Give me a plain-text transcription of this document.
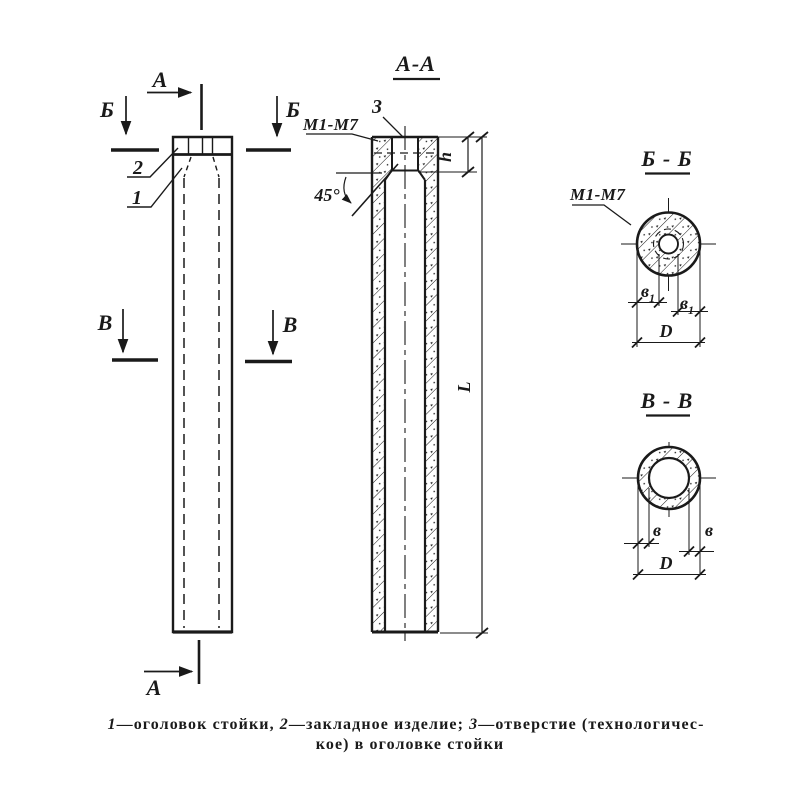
А
А
Б	Б
В	В
2
1
А-А
45°
3
М1-М7
h
L
Б - Б
М1-М7
$в_1$ $в_1$
D
В - В
в в
D
1—оголовок стойки, 2—закладное изделие; 3—отверстие (технологичес-
кое) в оголовке стойки
